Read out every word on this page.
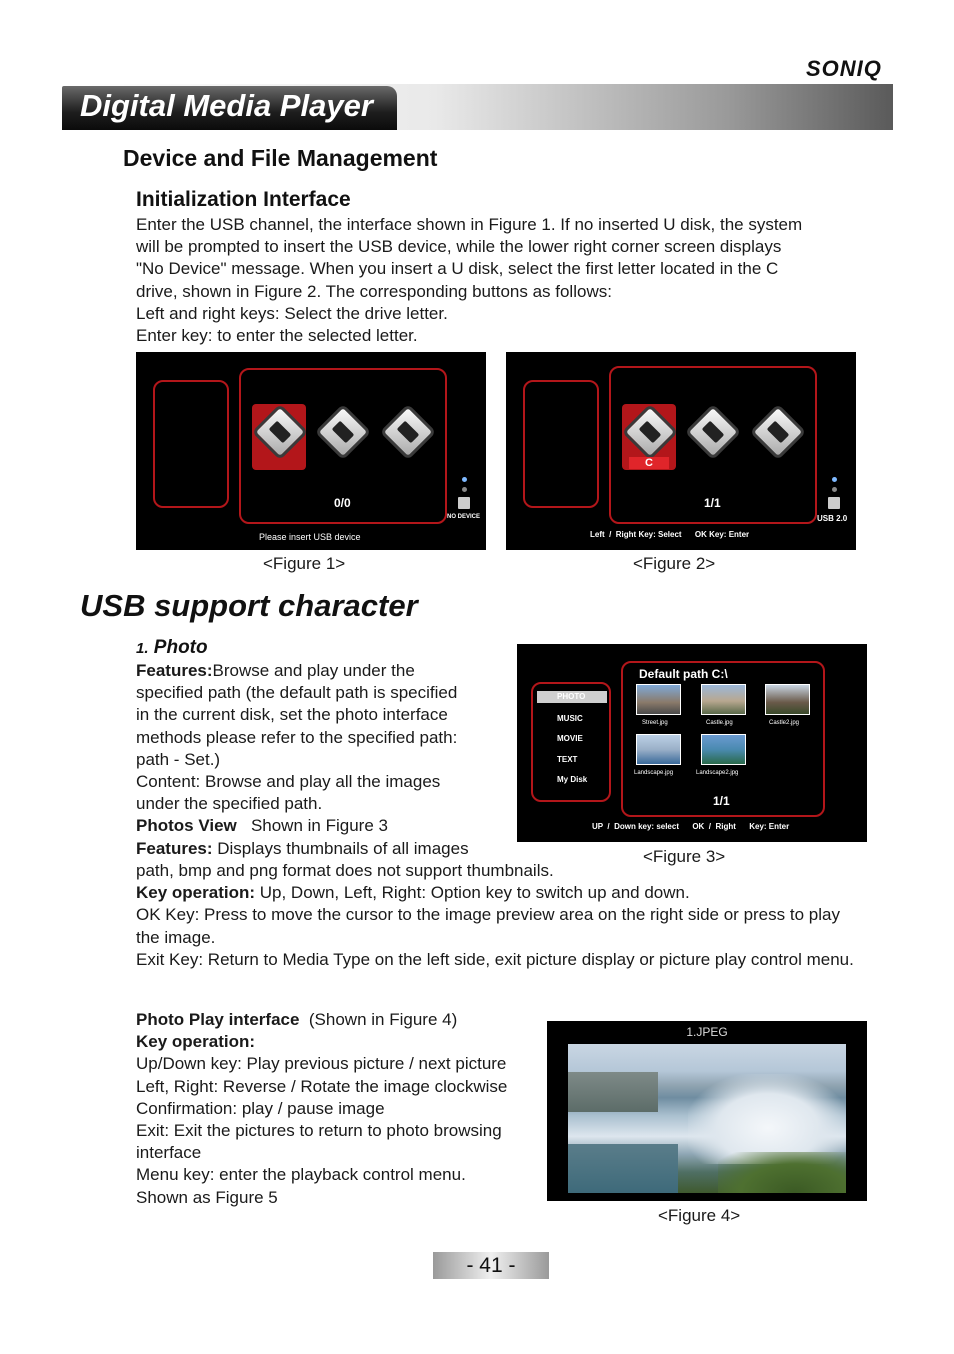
SONIQ
Digital Media Player
Device and File Management
Initialization Interface

Enter the USB channel, the interface shown in Figure 1. If no inserted U disk, the system

will be prompted to insert the USB device, while the lower right corner screen displays

"No Device" message. When you insert a U disk, select the first letter located in the C

drive, shown in Figure 2. The corresponding buttons as follows:

Left and right keys: Select the drive letter.

Enter key: to enter the selected letter.

0/0
NO DEVICE
Please insert USB device
<Figure 1>
C
1/1
USB 2.0
Left  /  Right Key: Select      OK Key: Enter
<Figure 2>
USB support character
1. Photo

Features:Browse and play under the

specified path (the default path is specified

in the current disk, set the photo interface

methods please refer to the specified path:

path - Set.)

Content: Browse and play all the images

under the specified path.

Photos View Shown in Figure 3

Features: Displays thumbnails of all images

path, bmp and png format does not support thumbnails.

Key operation: Up, Down, Left, Right: Option key to switch up and down.

OK Key: Press to move the cursor to the image preview area on the right side or press to play

the image.

Exit Key: Return to Media Type on the left side, exit picture display or picture play control menu.

PHOTO
MUSIC
MOVIE
TEXT
My Disk
Default path C:\
Street.jpg	Castle.jpg	Castle2.jpg
Landscape.jpg	Landscape2.jpg
1/1
UP  /  Down key: select      OK  /  Right      Key: Enter
<Figure 3>

Photo Play interface (Shown in Figure 4)

Key operation:

Up/Down key: Play previous picture / next picture

Left, Right: Reverse / Rotate the image clockwise

Confirmation: play / pause image

Exit: Exit the pictures to return to photo browsing

interface

Menu key: enter the playback control menu.

Shown as Figure 5

1.JPEG
<Figure 4>
- 41 -
